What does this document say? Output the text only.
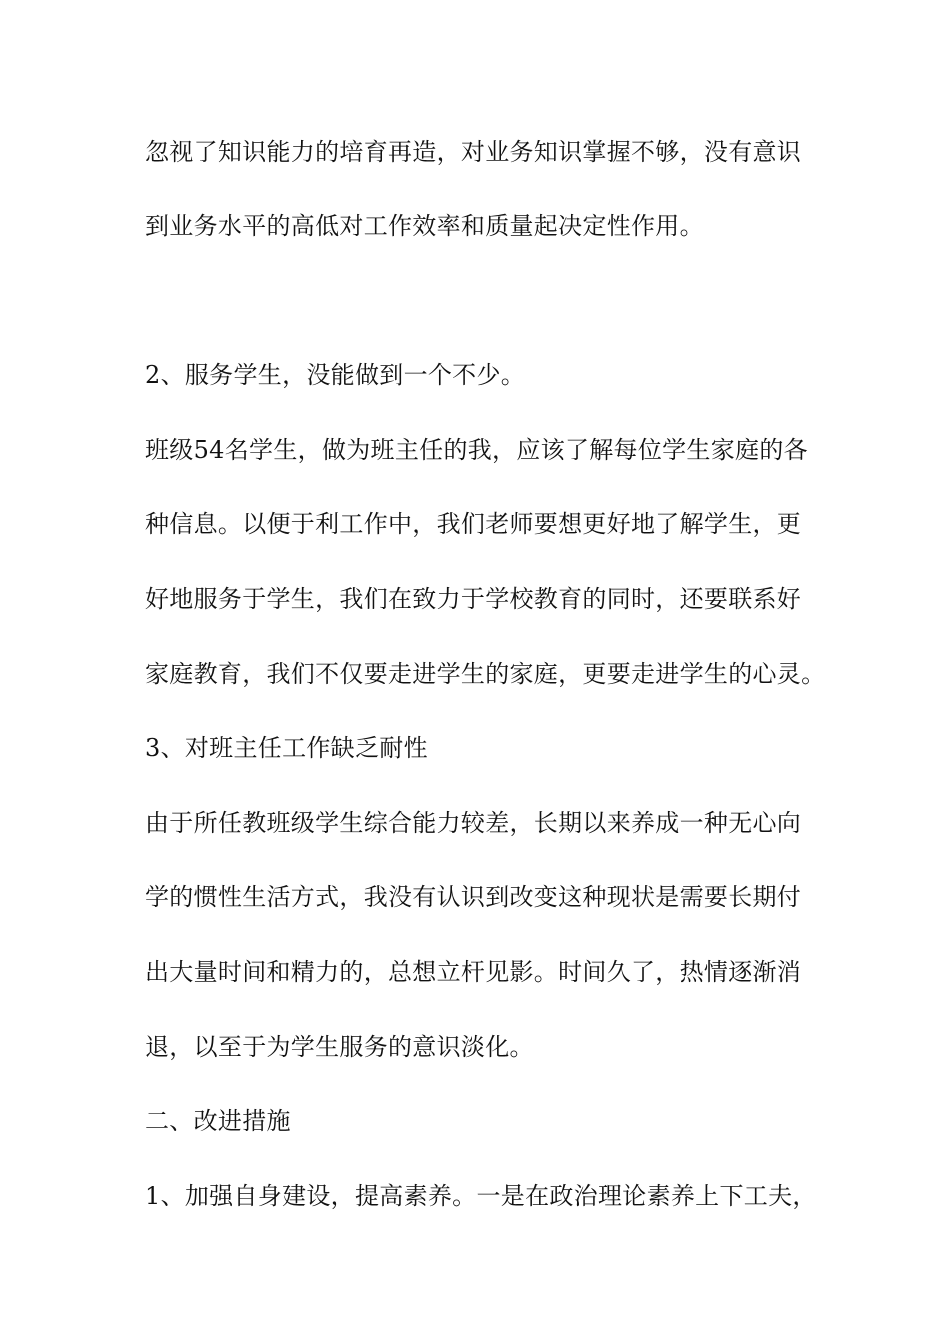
忽视了知识能力的培育再造，对业务知识掌握不够，没有意识
到业务水平的高低对工作效率和质量起决定性作用。
2、服务学生，没能做到一个不少。
班级54名学生，做为班主任的我，应该了解每位学生家庭的各
种信息。以便于利工作中，我们老师要想更好地了解学生，更
好地服务于学生，我们在致力于学校教育的同时，还要联系好
家庭教育，我们不仅要走进学生的家庭，更要走进学生的心灵。
3、对班主任工作缺乏耐性
由于所任教班级学生综合能力较差，长期以来养成一种无心向
学的惯性生活方式，我没有认识到改变这种现状是需要长期付
出大量时间和精力的，总想立杆见影。时间久了，热情逐渐消
退，以至于为学生服务的意识淡化。
二、改进措施
1、加强自身建设，提高素养。一是在政治理论素养上下工夫，
